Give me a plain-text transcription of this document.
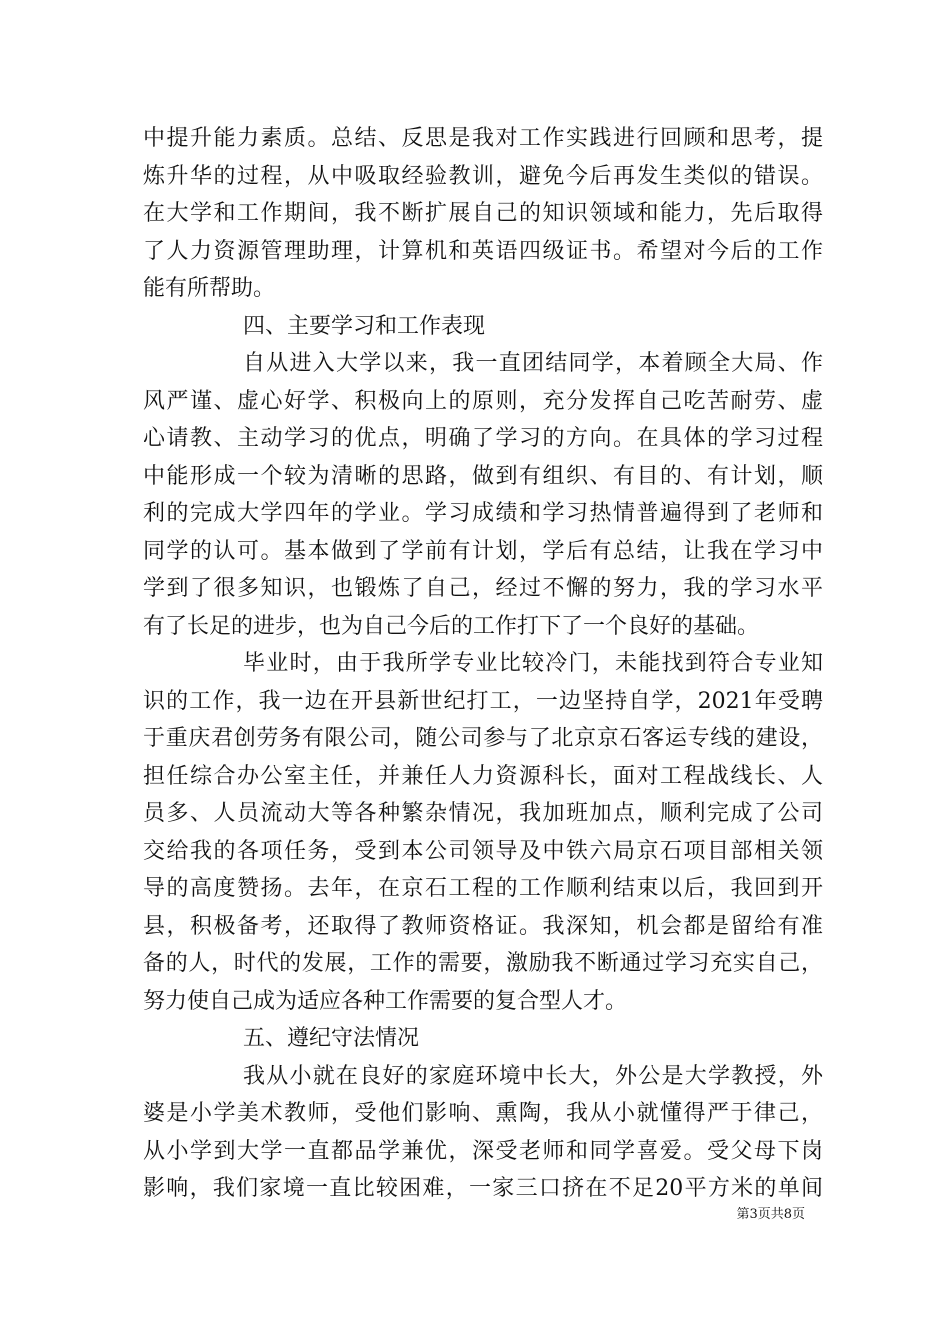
中提升能力素质。总结、反思是我对工作实践进行回顾和思考，提
炼升华的过程，从中吸取经验教训，避免今后再发生类似的错误。
在大学和工作期间，我不断扩展自己的知识领域和能力，先后取得
了人力资源管理助理，计算机和英语四级证书。希望对今后的工作
能有所帮助。
四、主要学习和工作表现
自从进入大学以来，我一直团结同学，本着顾全大局、作
风严谨、虚心好学、积极向上的原则，充分发挥自己吃苦耐劳、虚
心请教、主动学习的优点，明确了学习的方向。在具体的学习过程
中能形成一个较为清晰的思路，做到有组织、有目的、有计划，顺
利的完成大学四年的学业。学习成绩和学习热情普遍得到了老师和
同学的认可。基本做到了学前有计划，学后有总结，让我在学习中
学到了很多知识，也锻炼了自己，经过不懈的努力，我的学习水平
有了长足的进步，也为自己今后的工作打下了一个良好的基础。
毕业时，由于我所学专业比较冷门，未能找到符合专业知
识的工作，我一边在开县新世纪打工，一边坚持自学，2021年受聘
于重庆君创劳务有限公司，随公司参与了北京京石客运专线的建设，
担任综合办公室主任，并兼任人力资源科长，面对工程战线长、人
员多、人员流动大等各种繁杂情况，我加班加点，顺利完成了公司
交给我的各项任务，受到本公司领导及中铁六局京石项目部相关领
导的高度赞扬。去年，在京石工程的工作顺利结束以后，我回到开
县，积极备考，还取得了教师资格证。我深知，机会都是留给有准
备的人，时代的发展，工作的需要，激励我不断通过学习充实自己，
努力使自己成为适应各种工作需要的复合型人才。
五、遵纪守法情况
我从小就在良好的家庭环境中长大，外公是大学教授，外
婆是小学美术教师，受他们影响、熏陶，我从小就懂得严于律己，
从小学到大学一直都品学兼优，深受老师和同学喜爱。受父母下岗
影响，我们家境一直比较困难，一家三口挤在不足20平方米的单间
第3页共8页
